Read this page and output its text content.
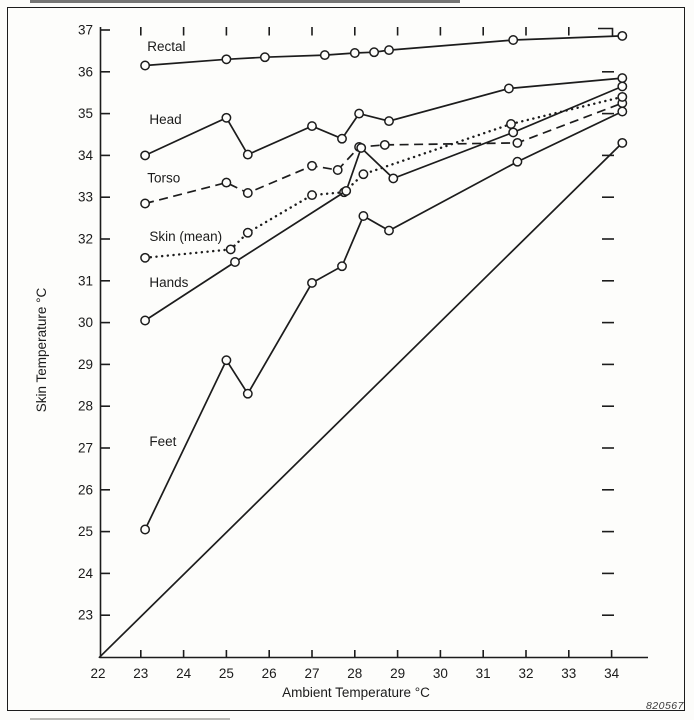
23
24
25
26
27
28
29
30
31
32
33
34
35
36
37
22 23 24 25 26 27 28 29 30 31 32 33 34
Ambient Temperature °C
Skin Temperature °C
Rectal
Head
Torso
Skin (mean)
Hands
Feet
820567
